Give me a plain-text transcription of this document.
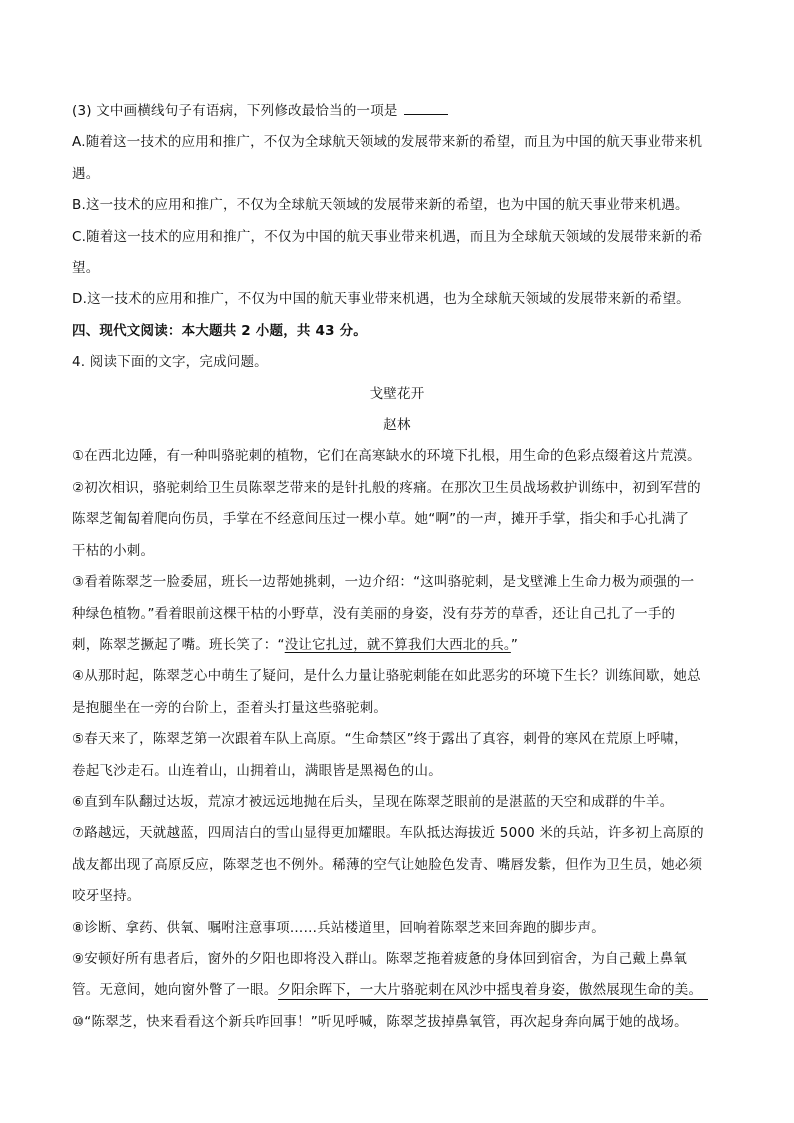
(3) 文中画横线句子有语病，下列修改最恰当的一项是
A.随着这一技术的应用和推广，不仅为全球航天领域的发展带来新的希望，而且为中国的航天事业带来机
遇。
B.这一技术的应用和推广，不仅为全球航天领域的发展带来新的希望，也为中国的航天事业带来机遇。
C.随着这一技术的应用和推广，不仅为中国的航天事业带来机遇，而且为全球航天领域的发展带来新的希
望。
D.这一技术的应用和推广，不仅为中国的航天事业带来机遇，也为全球航天领域的发展带来新的希望。
四、现代文阅读：本大题共 2 小题，共 43 分。
4. 阅读下面的文字，完成问题。
戈壁花开
赵林
①在西北边陲，有一种叫骆驼刺的植物，它们在高寒缺水的环境下扎根，用生命的色彩点缀着这片荒漠。
②初次相识，骆驼刺给卫生员陈翠芝带来的是针扎般的疼痛。在那次卫生员战场救护训练中，初到军营的
陈翠芝匍匐着爬向伤员，手掌在不经意间压过一棵小草。她“啊”的一声，摊开手掌，指尖和手心扎满了
干枯的小刺。
③看着陈翠芝一脸委屈，班长一边帮她挑刺，一边介绍：“这叫骆驼刺，是戈壁滩上生命力极为顽强的一
种绿色植物。”看着眼前这棵干枯的小野草，没有美丽的身姿，没有芬芳的草香，还让自己扎了一手的
刺，陈翠芝撅起了嘴。班长笑了：“没让它扎过，就不算我们大西北的兵。”
④从那时起，陈翠芝心中萌生了疑问，是什么力量让骆驼刺能在如此恶劣的环境下生长？训练间歇，她总
是抱腿坐在一旁的台阶上，歪着头打量这些骆驼刺。
⑤春天来了，陈翠芝第一次跟着车队上高原。“生命禁区”终于露出了真容，刺骨的寒风在荒原上呼啸，
卷起飞沙走石。山连着山，山拥着山，满眼皆是黑褐色的山。
⑥直到车队翻过达坂，荒凉才被远远地抛在后头，呈现在陈翠芝眼前的是湛蓝的天空和成群的牛羊。
⑦路越远，天就越蓝，四周洁白的雪山显得更加耀眼。车队抵达海拔近 5000 米的兵站，许多初上高原的
战友都出现了高原反应，陈翠芝也不例外。稀薄的空气让她脸色发青、嘴唇发紫，但作为卫生员，她必须
咬牙坚持。
⑧诊断、拿药、供氧、嘱咐注意事项……兵站楼道里，回响着陈翠芝来回奔跑的脚步声。
⑨安顿好所有患者后，窗外的夕阳也即将没入群山。陈翠芝拖着疲惫的身体回到宿舍，为自己戴上鼻氧
管。无意间，她向窗外瞥了一眼。夕阳余晖下，一大片骆驼刺在风沙中摇曳着身姿，傲然展现生命的美。
⑩“陈翠芝，快来看看这个新兵咋回事！”听见呼喊，陈翠芝拔掉鼻氧管，再次起身奔向属于她的战场。
